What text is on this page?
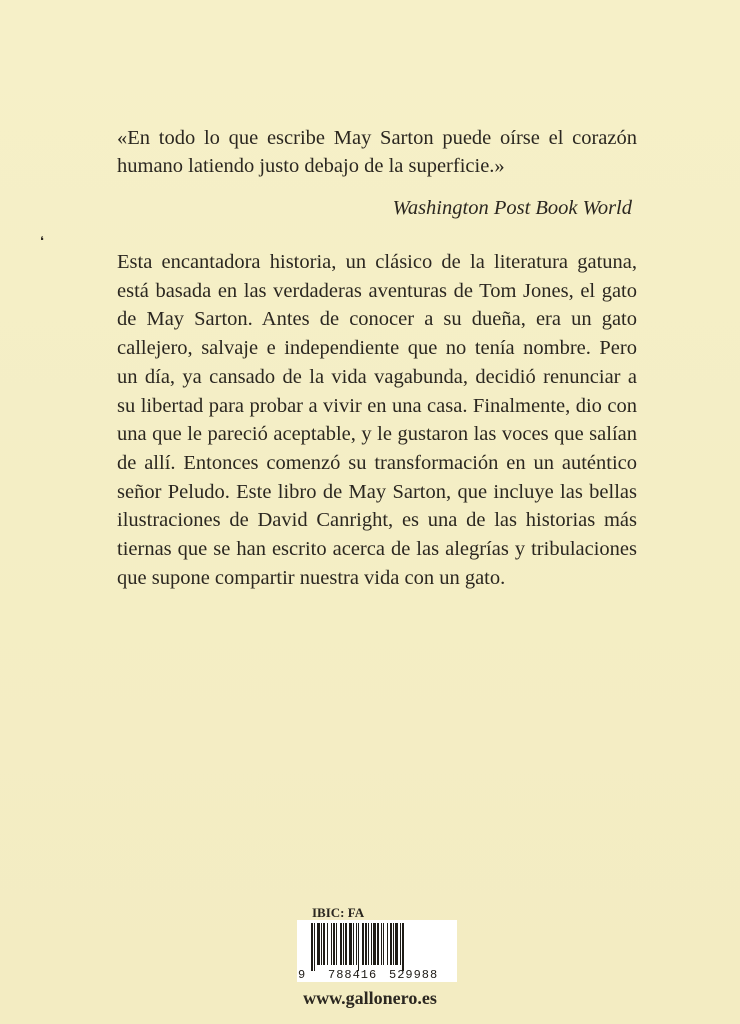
❛

«En todo lo que escribe May Sarton puede oírse el corazón
humano latiendo justo debajo de la superficie.»

Washington Post Book World

Esta encantadora historia, un clásico de la literatura gatuna,
está basada en las verdaderas aventuras de Tom Jones, el gato
de May Sarton. Antes de conocer a su dueña, era un gato
callejero, salvaje e independiente que no tenía nombre. Pero
un día, ya cansado de la vida vagabunda, decidió renunciar a
su libertad para probar a vivir en una casa. Finalmente, dio con
una que le pareció aceptable, y le gustaron las voces que salían
de allí. Entonces comenzó su transformación en un auténtico
señor Peludo. Este libro de May Sarton, que incluye las bellas
ilustraciones de David Canright, es una de las historias más
tiernas que se han escrito acerca de las alegrías y tribulaciones
que supone compartir nuestra vida con un gato.

IBIC: FA

9 788416 529988

www.gallonero.es
